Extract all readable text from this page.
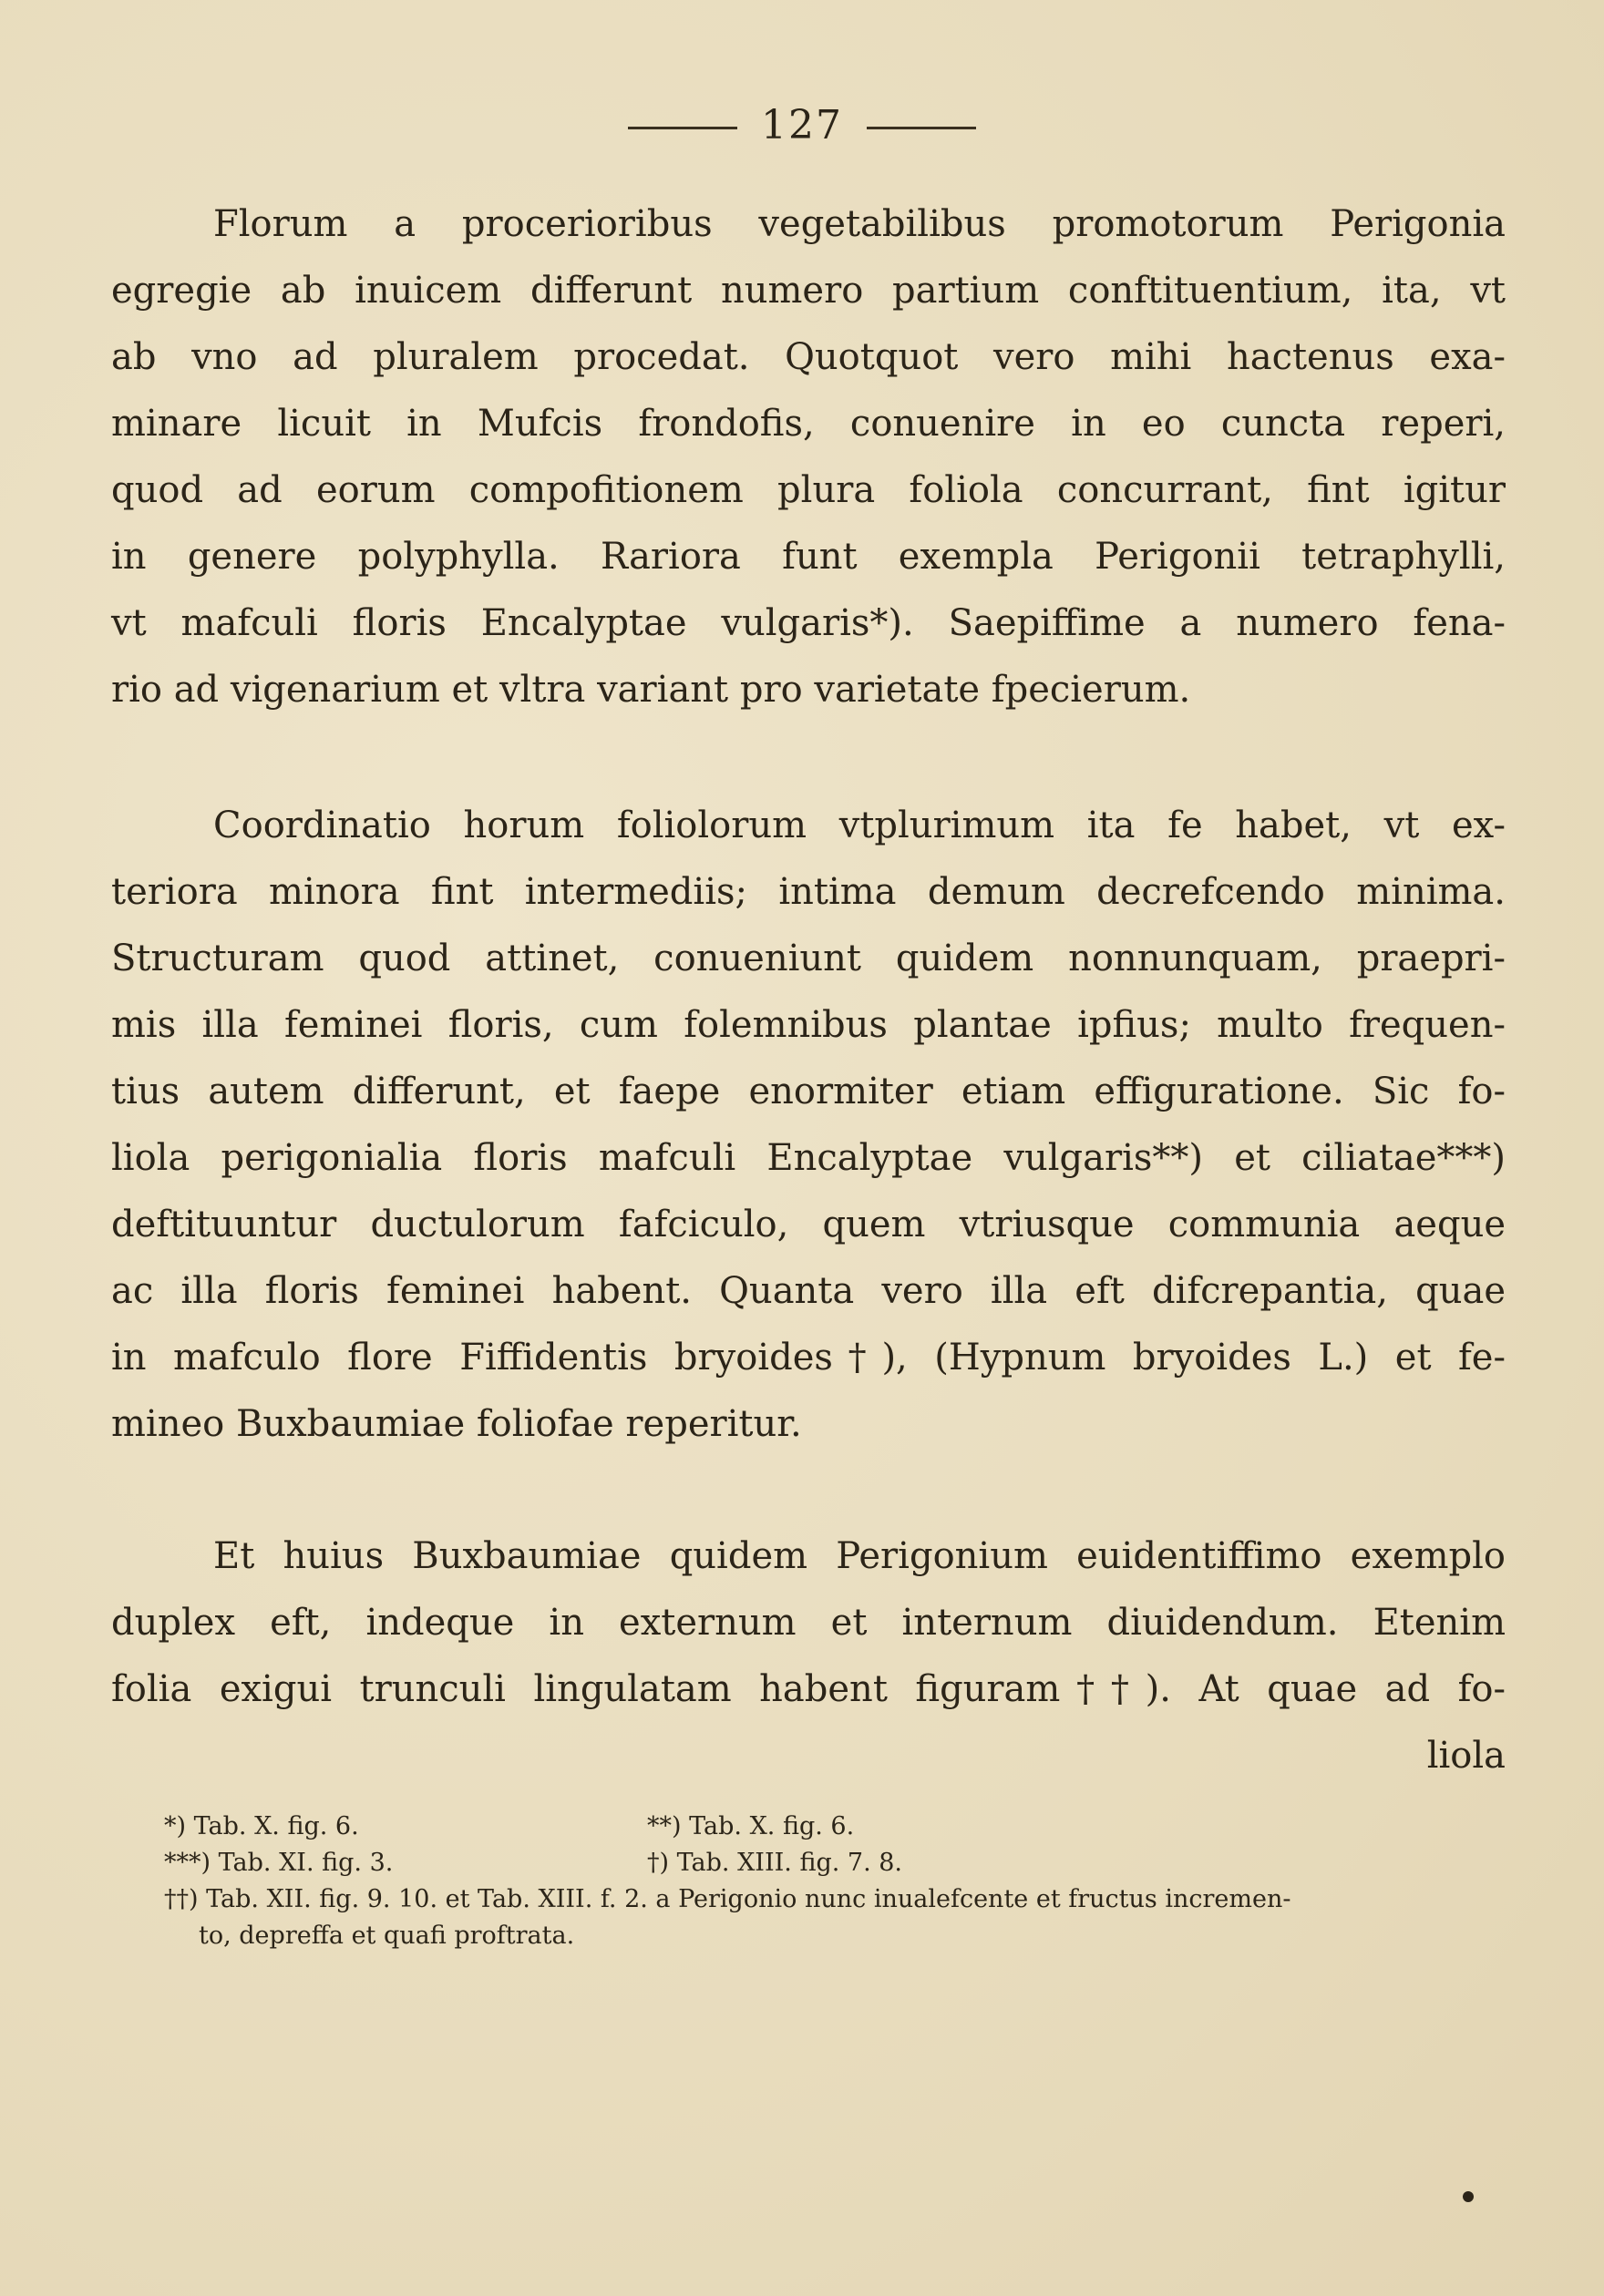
127
Florum a procerioribus vegetabilibus promotorum Perigonia
egregie ab inuicem differunt numero partium conftituentium, ita, vt
ab vno ad pluralem procedat. Quotquot vero mihi hactenus exa-
minare licuit in Mufcis frondofis, conuenire in eo cuncta reperi,
quod ad eorum compofitionem plura foliola concurrant, fint igitur
in genere polyphylla. Rariora funt exempla Perigonii tetraphylli,
vt mafculi floris Encalyptae vulgaris*). Saepiffime a numero fena-
rio ad vigenarium et vltra variant pro varietate fpecierum.
Coordinatio horum foliolorum vtplurimum ita fe habet, vt ex-
teriora minora fint intermediis; intima demum decrefcendo minima.
Structuram quod attinet, conueniunt quidem nonnunquam, praepri-
mis illa feminei floris, cum folemnibus plantae ipfius; multo frequen-
tius autem differunt, et faepe enormiter etiam effiguratione. Sic fo-
liola perigonialia floris mafculi Encalyptae vulgaris**) et ciliatae***)
deftituuntur ductulorum fafciculo, quem vtriusque communia aeque
ac illa floris feminei habent. Quanta vero illa eft difcrepantia, quae
in mafculo flore Fiffidentis bryoides†), (Hypnum bryoides L.) et fe-
mineo Buxbaumiae foliofae reperitur.
Et huius Buxbaumiae quidem Perigonium euidentiffimo exemplo
duplex eft, indeque in externum et internum diuidendum. Etenim
folia exigui trunculi lingulatam habent figuram††). At quae ad fo-
liola
*) Tab. X. fig. 6.	**) Tab. X. fig. 6.
***) Tab. XI. fig. 3.	†) Tab. XIII. fig. 7. 8.
††) Tab. XII. fig. 9. 10. et Tab. XIII. f. 2. a Perigonio nunc inualefcente et fructus incremen-
to, depreffa et quafi proftrata.
